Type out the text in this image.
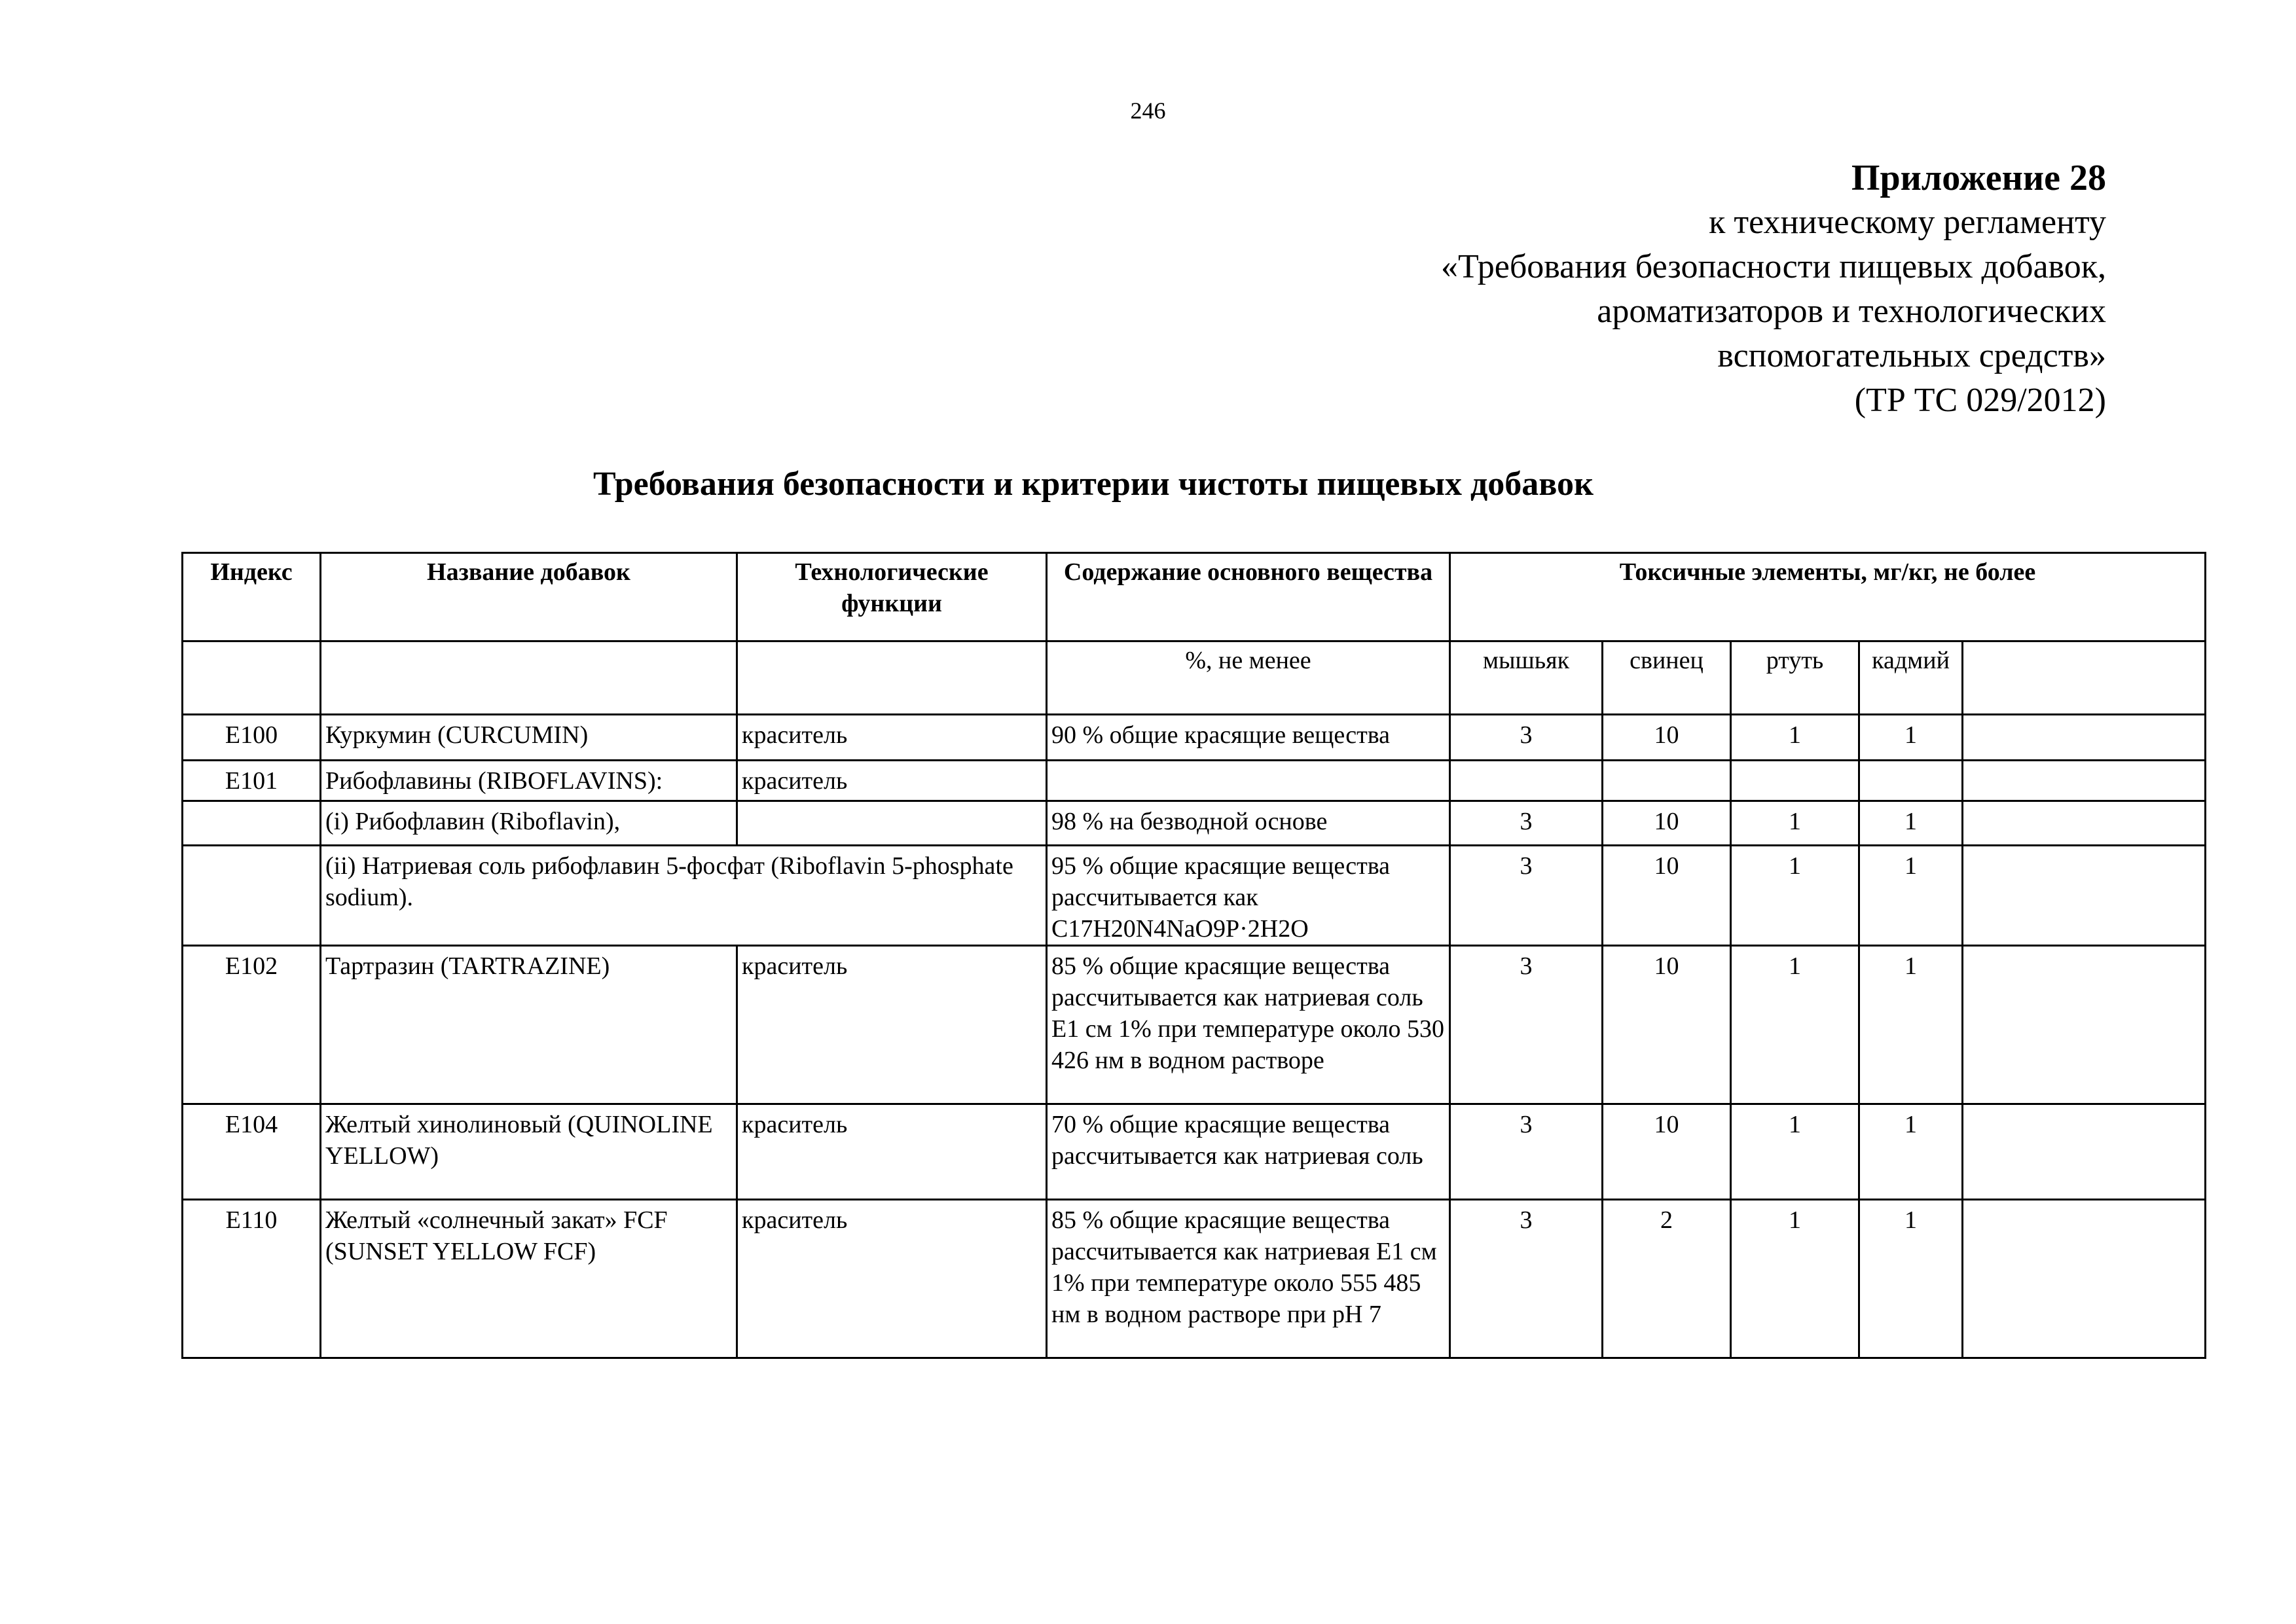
246
Приложение 28
к техническому регламенту
«Требования безопасности пищевых добавок,
ароматизаторов и технологических
вспомогательных средств»
(ТР ТС 029/2012)
Требования безопасности и критерии чистоты пищевых добавок
Индекс	Название добавок	Технологические функции	Содержание основного вещества	Токсичные элементы, мг/кг, не более				
			%, не менее	мышьяк	свинец	ртуть	кадмий	
E100	Куркумин (CURCUMIN)	краситель	90 % общие красящие вещества	3	10	1	1	
E101	Рибофлавины (RIBOFLAVINS):	краситель						
	(i) Рибофлавин (Riboflavin),		98 % на безводной основе	3	10	1	1	
	(ii) Натриевая соль рибофлавин 5-фосфат (Riboflavin 5-phosphate sodium).		95 % общие красящие вещества рассчитывается как C17H20N4NaO9P·2H2O	3	10	1	1	
E102	Тартразин (TARTRAZINE)	краситель	85 % общие красящие вещества рассчитывается как натриевая соль E1 см 1% при температуре около 530 426 нм в водном растворе	3	10	1	1	
E104	Желтый хинолиновый (QUINOLINE YELLOW)	краситель	70 % общие красящие вещества рассчитывается как натриевая соль	3	10	1	1	
E110	Желтый «солнечный закат» FCF (SUNSET YELLOW FCF)	краситель	85 % общие красящие вещества рассчитывается как натриевая E1 см 1% при температуре около 555 485 нм в водном растворе при pH 7	3	2	1	1	
